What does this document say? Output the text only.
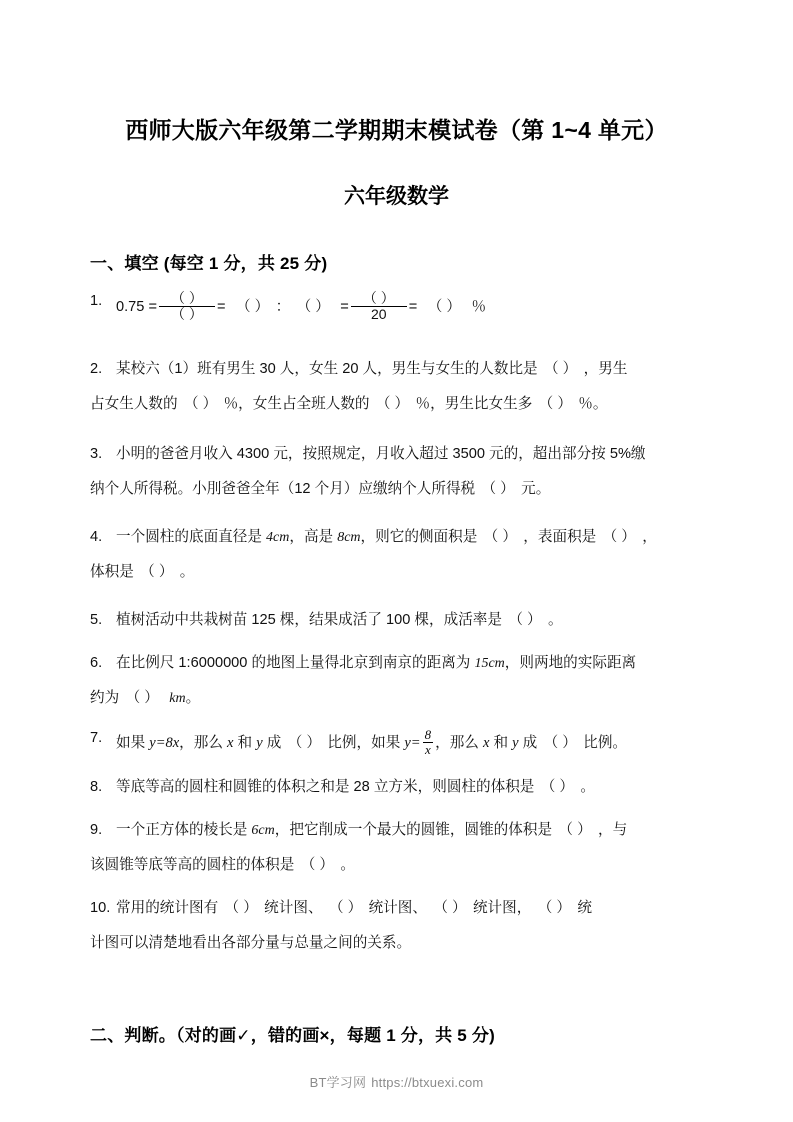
西师大版六年级第二学期期末模试卷（第 1~4 单元）
六年级数学
一、填空 (每空 1 分，共 25 分)
1. $0.75 = \frac{( )}{( )}$ = （ ） ： （ ） = $\frac{( )}{20}$ = （ ） ％
2. 某校六（1）班有男生 30 人，女生 20 人，男生与女生的人数比是 （ ） ，男生
占女生人数的 （ ） ％，女生占全班人数的 （ ） ％，男生比女生多 （ ） ％。
3. 小明的爸爸月收入 4300 元，按照规定，月收入超过 3500 元的，超出部分按 5%缴
纳个人所得税。小刖爸爸全年（12 个月）应缴纳个人所得税 （ ） 元。
4. 一个圆柱的底面直径是 4cm，高是 8cm，则它的侧面积是 （ ） ，表面积是 （ ） ，
体积是 （ ） 。
5. 植树活动中共栽树苗 125 棵，结果成活了 100 棵，成活率是 （ ） 。
6. 在比例尺 1:6000000 的地图上量得北京到南京的距离为 15cm，则两地的实际距离
约为 （ ） km。
7. 如果 y=8x，那么 x 和 y 成 （ ） 比例，如果 $y= \frac{8}{x}$ ，那么 x 和 y 成 （ ） 比例。
8. 等底等高的圆柱和圆锥的体积之和是 28 立方米，则圆柱的体积是 （ ） 。
9. 一个正方体的棱长是 6cm，把它削成一个最大的圆锥，圆锥的体积是 （ ） ，与
该圆锥等底等高的圆柱的体积是 （ ） 。
10. 常用的统计图有 （ ） 统计图、 （ ） 统计图、 （ ） 统计图， （ ） 统
计图可以清楚地看出各部分量与总量之间的关系。
二、判断。（对的画✓，错的画×，每题 1 分，共 5 分)
BT学习网 https://btxuexi.com
